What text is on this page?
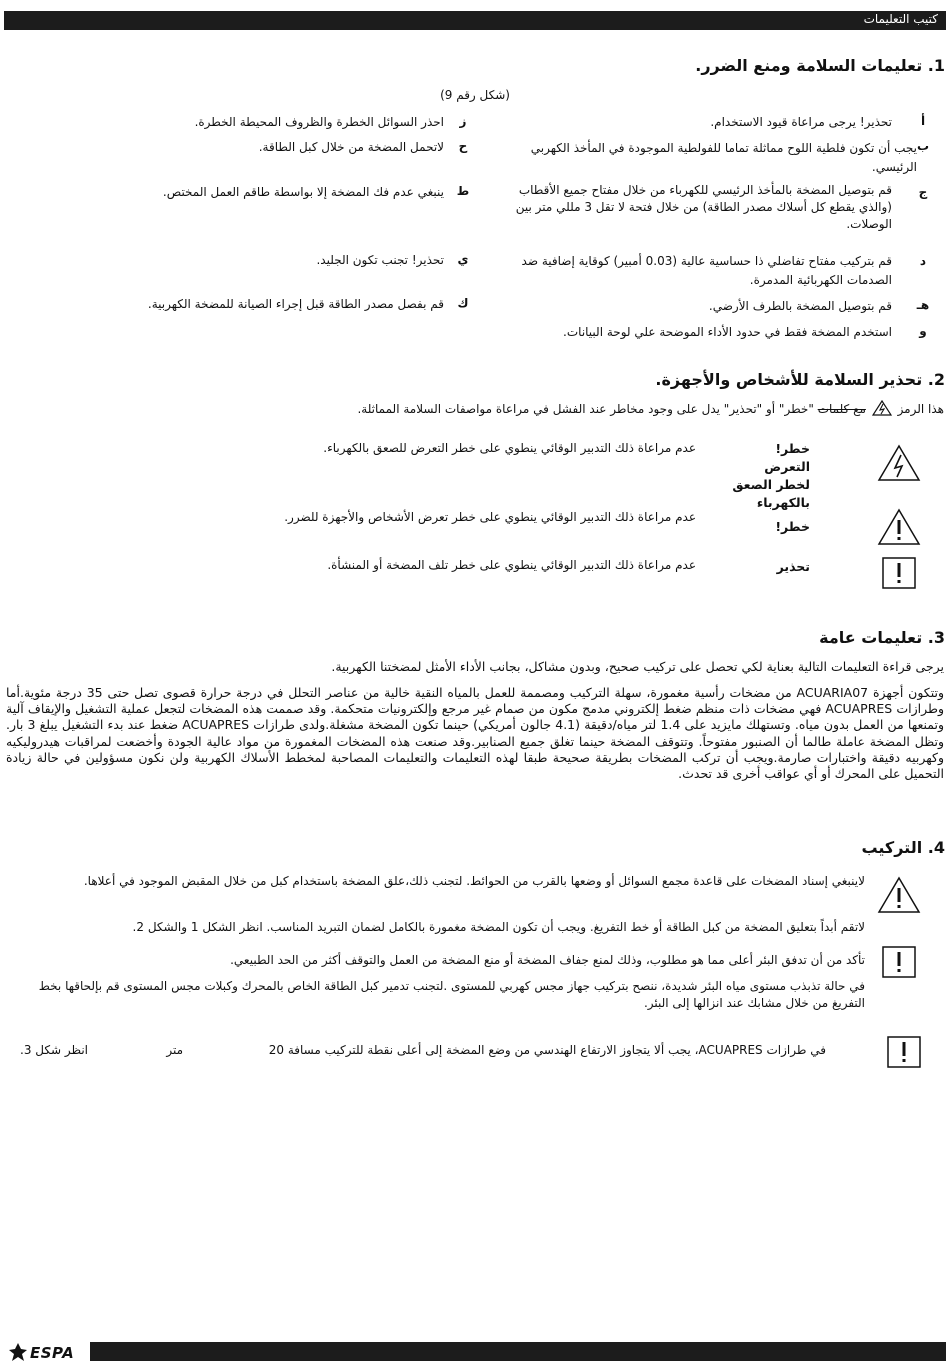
كتيب التعليمات
1. تعليمات السلامة ومنع الضرر.
(شكل رقم 9)
أ
تحذير! يرجى مراعاة قيود الاستخدام.
ب
يجب أن تكون فلطية اللوح مماثلة تماما للفولطية الموجودة في المأخذ الكهربي الرئيسي.
ج
قم بتوصيل المضخة بالمأخذ الرئيسي للكهرباء من خلال مفتاح جميع الأقطاب (والذي يقطع كل أسلاك مصدر الطاقة) من خلال فتحة لا تقل 3 مللي متر بين الوصلات.
د
قم بتركيب مفتاح تفاضلي ذا حساسية عالية (0.03 أمبير) كوقاية إضافية ضد الصدمات الكهربائية المدمرة.
هـ
قم بتوصيل المضخة بالطرف الأرضي.
و
استخدم المضخة فقط في حدود الأداء الموضحة علي لوحة البيانات.
ز
احذر السوائل الخطرة والظروف المحيطة الخطرة.
ح
لاتحمل المضخة من خلال كبل الطاقة.
ط
ينبغي عدم فك المضخة إلا بواسطة طاقم العمل المختص.
ي
تحذير! تجنب تكون الجليد.
ك
قم بفصل مصدر الطاقة قبل إجراء الصيانة للمضخة الكهربية.
2. تحذير السلامة للأشخاص والأجهزة.
هذا الرمز  مع كلمات "خطر" أو "تحذير" يدل على وجود مخاطر عند الفشل في مراعاة مواصفات السلامة المماثلة.
خطر!التعرض لخطر الصعق بالكهرباء
عدم مراعاة ذلك التدبير الوقائي ينطوي على خطر التعرض للصعق بالكهرباء.
خطر!
عدم مراعاة ذلك التدبير الوقائي ينطوي على خطر تعرض الأشخاص والأجهزة للضرر.
تحذير
عدم مراعاة ذلك التدبير الوقائي ينطوي على خطر تلف المضخة أو المنشأة.
3. تعليمات عامة
يرجى قراءة التعليمات التالية بعناية لكي تحصل على تركيب صحيح، وبدون مشاكل، بجانب الأداء الأمثل لمضختنا الكهربية.
وتتكون أجهزة ACUARIA07 من مضخات رأسية مغمورة، سهلة التركيب ومصممة للعمل بالمياه النقية خالية من عناصر التحلل في درجة حرارة قصوى تصل حتى 35 درجة مئوية.أما وطرازات ACUAPRES فهي مضخات ذات منظم ضغط إلكتروني مدمج مكون من صمام غير مرجع وإلكترونيات متحكمة. وقد صممت هذه المضخات لتجعل عملية التشغيل والإيقاف آلية وتمنعها من العمل بدون مياه. وتستهلك مايزيد على 1.4 لتر مياه/دقيقة (4.1 جالون أمريكي) حينما تكون المضخة مشغلة.ولدى طرازات ACUAPRES ضغط عند بدء التشغيل يبلغ 3 بار. وتظل المضخة عاملة طالما أن الصنبور مفتوحاً. وتتوقف المضخة حينما تغلق جميع الصنابير.وقد صنعت هذه المضخات المغمورة من مواد عالية الجودة وأخضعت لمراقبات هيدروليكيه وكهربيه دقيقة واختبارات صارمة.ويجب أن تركب المضخات بطريقة صحيحة طبقا لهذه التعليمات والتعليمات المصاحبة لمخطط الأسلاك الكهربية ولن نكون مسؤولين في حالة زيادة التحميل على المحرك أو أي عواقب أخرى قد تحدث.
4. التركيب
لاينبغي إسناد المضخات على قاعدة مجمع السوائل أو وضعها بالقرب من الحوائط. لتجنب ذلك،علق المضخة باستخدام كبل من خلال المقبض الموجود في أعلاها.
لاتقم أبداً بتعليق المضخة من كبل الطاقة أو خط التفريغ. ويجب أن تكون المضخة مغمورة بالكامل لضمان التبريد المناسب. انظر الشكل 1 والشكل 2.
تأكد من أن تدفق البئر أعلى مما هو مطلوب، وذلك لمنع جفاف المضخة أو منع المضخة من العمل والتوقف أكثر من الحد الطبيعي.
في حالة تذبذب مستوى مياه البئر شديدة، ننصح بتركيب جهاز مجس كهربي للمستوى .لتجنب تدمير كبل الطاقة الخاص بالمحرك وكبلات مجس المستوى قم بإلحاقها بخط التفريغ من خلال مشابك عند انزالها إلى البئر.
في طرازات ACUAPRES، يجب ألا يتجاوز الارتفاع الهندسي من وضع المضخة إلى أعلى نقطة للتركيب مسافة 20
متر
انظر شكل 3.
ESPA
